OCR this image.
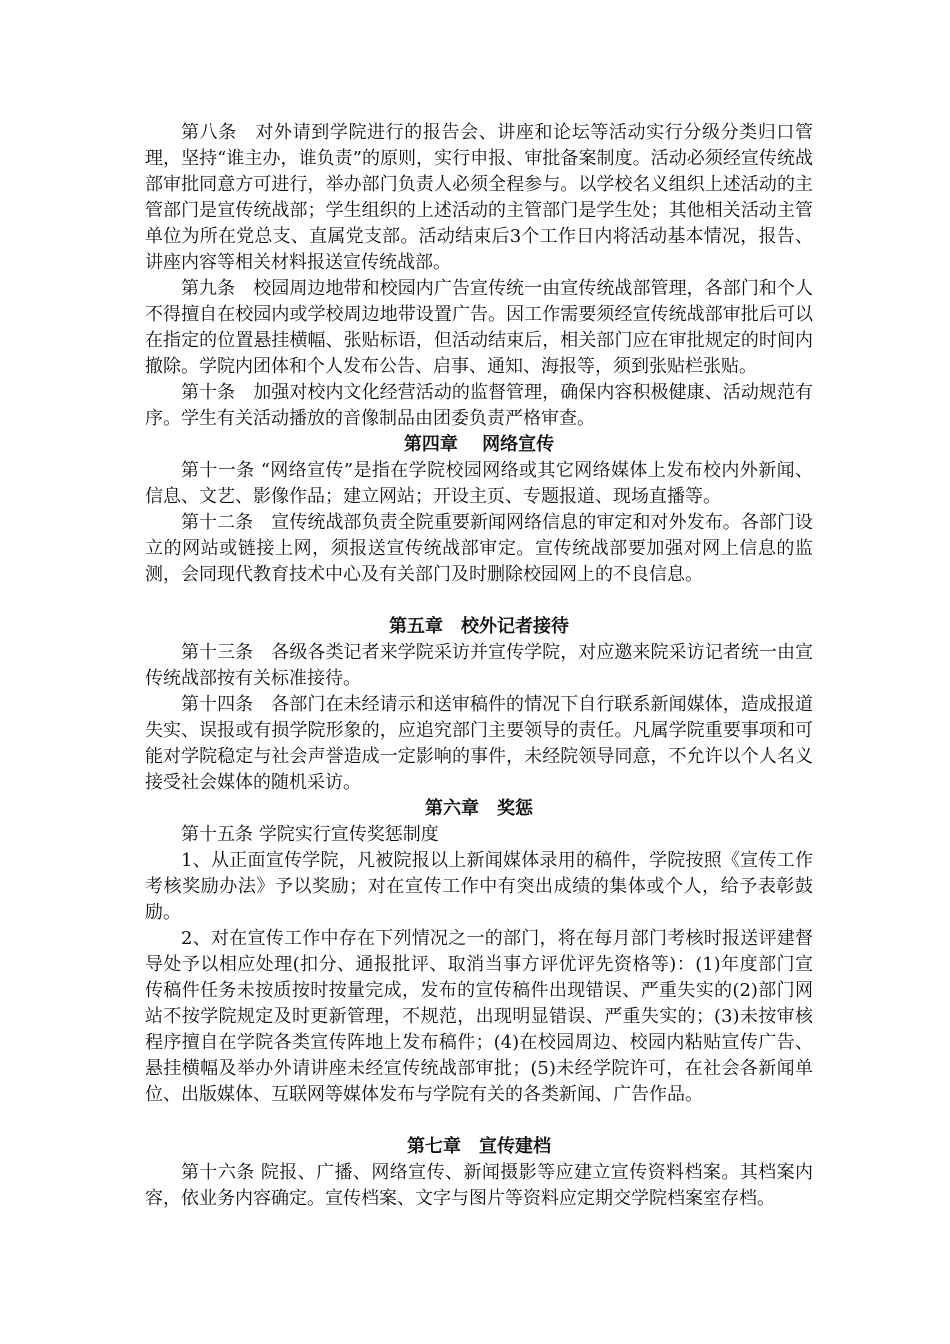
第八条　对外请到学院进行的报告会、讲座和论坛等活动实行分级分类归口管理，坚持“谁主办，谁负责”的原则，实行申报、审批备案制度。活动必须经宣传统战部审批同意方可进行，举办部门负责人必须全程参与。以学校名义组织上述活动的主管部门是宣传统战部；学生组织的上述活动的主管部门是学生处；其他相关活动主管单位为所在党总支、直属党支部。活动结束后3个工作日内将活动基本情况，报告、讲座内容等相关材料报送宣传统战部。

第九条　校园周边地带和校园内广告宣传统一由宣传统战部管理，各部门和个人不得擅自在校园内或学校周边地带设置广告。因工作需要须经宣传统战部审批后可以在指定的位置悬挂横幅、张贴标语，但活动结束后，相关部门应在审批规定的时间内撤除。学院内团体和个人发布公告、启事、通知、海报等，须到张贴栏张贴。

第十条　加强对校内文化经营活动的监督管理，确保内容积极健康、活动规范有序。学生有关活动播放的音像制品由团委负责严格审查。

第四章　 网络宣传

第十一条 “网络宣传”是指在学院校园网络或其它网络媒体上发布校内外新闻、信息、文艺、影像作品；建立网站；开设主页、专题报道、现场直播等。

第十二条　宣传统战部负责全院重要新闻网络信息的审定和对外发布。各部门设立的网站或链接上网，须报送宣传统战部审定。宣传统战部要加强对网上信息的监测，会同现代教育技术中心及有关部门及时删除校园网上的不良信息。

第五章　校外记者接待

第十三条　各级各类记者来学院采访并宣传学院，对应邀来院采访记者统一由宣传统战部按有关标准接待。

第十四条　各部门在未经请示和送审稿件的情况下自行联系新闻媒体，造成报道失实、误报或有损学院形象的，应追究部门主要领导的责任。凡属学院重要事项和可能对学院稳定与社会声誉造成一定影响的事件，未经院领导同意，不允许以个人名义接受社会媒体的随机采访。

第六章　奖惩

第十五条 学院实行宣传奖惩制度

1、从正面宣传学院，凡被院报以上新闻媒体录用的稿件，学院按照《宣传工作考核奖励办法》予以奖励；对在宣传工作中有突出成绩的集体或个人，给予表彰鼓励。

2、对在宣传工作中存在下列情况之一的部门，将在每月部门考核时报送评建督导处予以相应处理(扣分、通报批评、取消当事方评优评先资格等)：(1)年度部门宣传稿件任务未按质按时按量完成，发布的宣传稿件出现错误、严重失实的(2)部门网站不按学院规定及时更新管理，不规范，出现明显错误、严重失实的；(3)未按审核程序擅自在学院各类宣传阵地上发布稿件；(4)在校园周边、校园内粘贴宣传广告、悬挂横幅及举办外请讲座未经宣传统战部审批；(5)未经学院许可，在社会各新闻单位、出版媒体、互联网等媒体发布与学院有关的各类新闻、广告作品。

第七章　宣传建档

第十六条 院报、广播、网络宣传、新闻摄影等应建立宣传资料档案。其档案内容，依业务内容确定。宣传档案、文字与图片等资料应定期交学院档案室存档。
